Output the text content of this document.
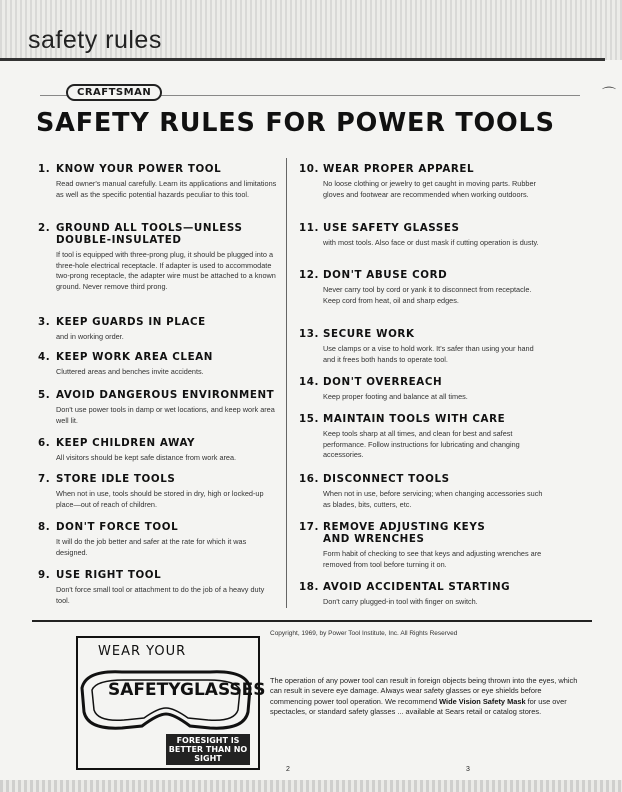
safety rules
⌒
CRAFTSMAN
SAFETY RULES FOR POWER TOOLS
1. KNOW YOUR POWER TOOL
Read owner's manual carefully. Learn its applications and limitations as well as the specific potential hazards peculiar to this tool.
2. GROUND ALL TOOLS—UNLESS
DOUBLE-INSULATED
If tool is equipped with three-prong plug, it should be plugged into a three-hole electrical receptacle. If adapter is used to accommodate two-prong receptacle, the adapter wire must be attached to a known ground. Never remove third prong.
3. KEEP GUARDS IN PLACE
and in working order.
4. KEEP WORK AREA CLEAN
Cluttered areas and benches invite accidents.
5. AVOID DANGEROUS ENVIRONMENT
Don't use power tools in damp or wet locations, and keep work area well lit.
6. KEEP CHILDREN AWAY
All visitors should be kept safe distance from work area.
7. STORE IDLE TOOLS
When not in use, tools should be stored in dry, high or locked-up place—out of reach of children.
8. DON'T FORCE TOOL
It will do the job better and safer at the rate for which it was designed.
9. USE RIGHT TOOL
Don't force small tool or attachment to do the job of a heavy duty tool.
10. WEAR PROPER APPAREL
No loose clothing or jewelry to get caught in moving parts. Rubber gloves and footwear are recommended when working outdoors.
11. USE SAFETY GLASSES
with most tools. Also face or dust mask if cutting operation is dusty.
12. DON'T ABUSE CORD
Never carry tool by cord or yank it to disconnect from receptacle. Keep cord from heat, oil and sharp edges.
13. SECURE WORK
Use clamps or a vise to hold work. It's safer than using your hand and it frees both hands to operate tool.
14. DON'T OVERREACH
Keep proper footing and balance at all times.
15. MAINTAIN TOOLS WITH CARE
Keep tools sharp at all times, and clean for best and safest performance. Follow instructions for lubricating and changing accessories.
16. DISCONNECT TOOLS
When not in use, before servicing; when changing accessories such as blades, bits, cutters, etc.
17. REMOVE ADJUSTING KEYS
AND WRENCHES
Form habit of checking to see that keys and adjusting wrenches are removed from tool before turning it on.
18. AVOID ACCIDENTAL STARTING
Don't carry plugged-in tool with finger on switch.
Copyright, 1969, by Power Tool Institute, Inc. All Rights Reserved
WEAR YOUR
SAFETY GLASSES
FORESIGHT IS BETTER THAN NO SIGHT
The operation of any power tool can result in foreign objects being thrown into the eyes, which can result in severe eye damage. Always wear safety glasses or eye shields before commencing power tool operation. We recommend Wide Vision Safety Mask for use over spectacles, or standard safety glasses ... available at Sears retail or catalog stores.
2	3
